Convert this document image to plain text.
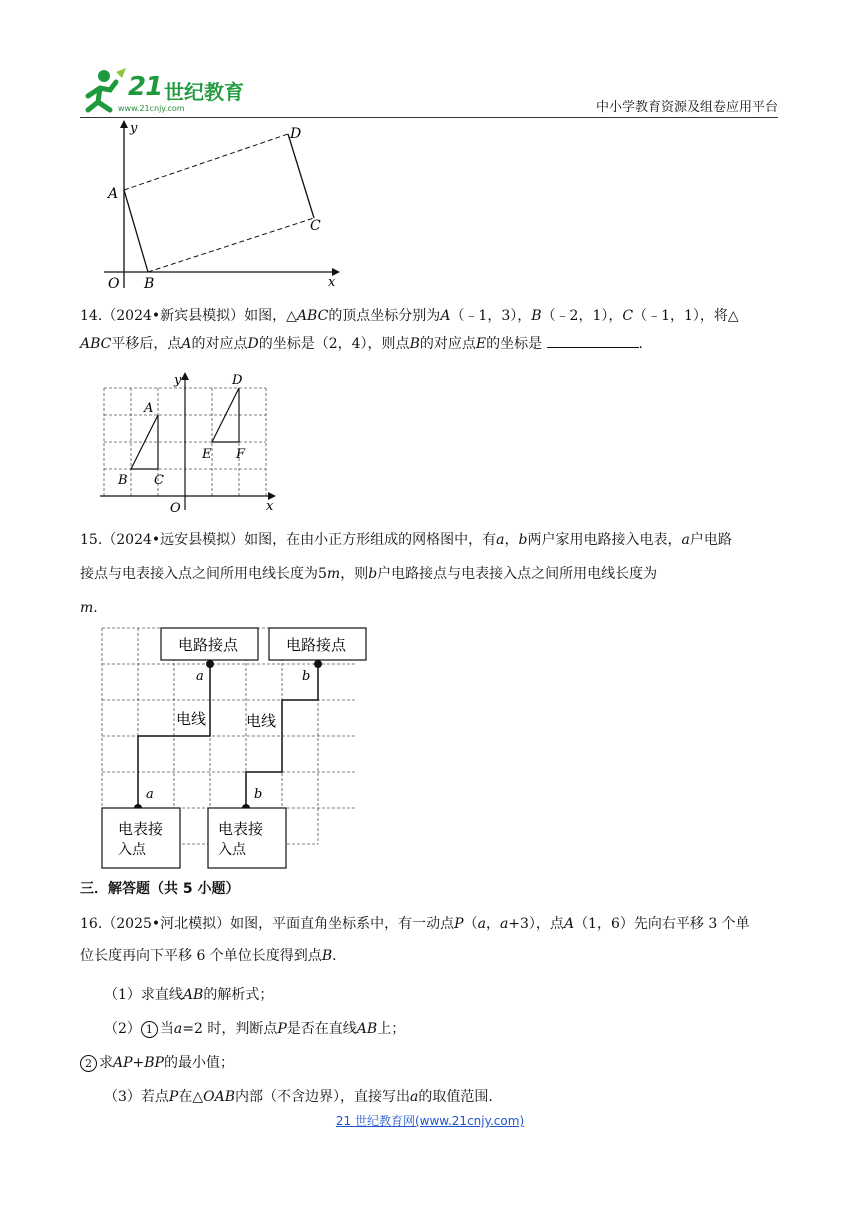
21 世纪教育
www.21cnjy.com	中小学教育资源及组卷应用平台
y
x
O
A
B
C
D
14.（2024•新宾县模拟）如图，△ABC的顶点坐标分别为A（﹣1，3），B（﹣2，1），C（﹣1，1），将△
ABC平移后，点A的对应点D的坐标是（2，4），则点B的对应点E的坐标是	.
y
x
O
A
B C
D
E F
15.（2024•远安县模拟）如图，在由小正方形组成的网格图中，有a，b两户家用电路接入电表，a户电路
接点与电表接入点之间所用电线长度为5m，则b户电路接点与电表接入点之间所用电线长度为
m.
电路接点	电路接点
a	b
a	b
电线	电线
电表接
入点
电表接
入点
三．解答题（共 5 小题）
16.（2025•河北模拟）如图，平面直角坐标系中，有一动点P（a，a+3），点A（1，6）先向右平移 3 个单
位长度再向下平移 6 个单位长度得到点B.
（1）求直线AB的解析式；
（2） 1 当a=2 时，判断点P是否在直线AB上；
2 求AP+BP的最小值；
（3）若点P在△OAB内部（不含边界），直接写出a的取值范围.
21 世纪教育网(www.21cnjy.com)
